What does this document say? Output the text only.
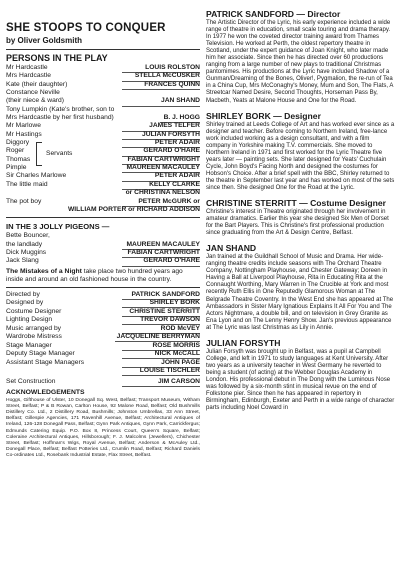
SHE STOOPS TO CONQUER
by Oliver Goldsmith
PERSONS IN THE PLAY
Mr Hardcastle	LOUIS ROLSTON
Mrs Hardcastle	STELLA McCUSKER
Kate (their daughter)	FRANCES QUINN
Constance Neville
(their niece & ward)	JAN SHAND
Tony Lumpkin (Kate's brother, son to
Mrs Hardcastle by her first husband)	B. J. HOGG
Mr Marlowe	JAMES TELFER
Mr Hastings	JULIAN FORSYTH
Diggory	PETER ADAIR
Roger	GERARD O'HARE
Thomas	FABIAN CARTWRIGHT
Pimple	MAUREEN MACAULEY
Sir Charles Marlowe	PETER ADAIR
The little maid	KELLY CLARKE
or CHRISTINA NELSON
The pot boy	PETER McGURK or
WILLIAM PORTER or RICHARD ADDISON
Servants
IN THE 3 JOLLY PIGEONS —
Bette Bouncer,
the landlady	MAUREEN MACAULEY
Dick Muggins	FABIAN CARTWRIGHT
Jack Slang	GERARD O'HARE
The Mistakes of a Night take place two hundred years ago inside and around an old fashioned house in the country.
Directed by	PATRICK SANDFORD
Designed by	SHIRLEY BORK
Costume Designer	CHRISTINE STERRITT
Lighting Design	TREVOR DAWSON
Music arranged by	ROD McVEY
Wardrobe Mistress	JACQUELINE BERRYMAN
Stage Manager	ROSE MORRIS
Deputy Stage Manager	NICK McCALL
Assistant Stage Managers	JOHN PAGE
LOUISE TISCHLER
Set Construction	JIM CARSON
ACKNOWLEDGEMENTS
Hoggs, Gifthouse of Ulster, 10 Donegall Sq. West, Belfast; Transport Museum, Witham Street, Belfast; P & B Rowan, Carlton House, 92 Malone Road, Belfast; Old Bushmills Distillery Co. Ltd., 2 Distillery Road, Bushmills; Johnston Umbrellas, 33 Ann Street, Belfast; Gillespie Agencies, 171 Ravenhill Avenue, Belfast; Architectural Antiques of Ireland, 126-128 Donegall Pass, Belfast; Gynn Park Antiques, Gynn Park, Carrickfergus; Edmunds Catering Equip. P.O. Box 8, Princess Court, Queen's Square, Belfast; Coleraine Architectural Antiques, Hillsborough; F. J. Malcolms (Jewellers), Chichester Street, Belfast; Hoffman's Wigs, Royal Avenue, Belfast; Anderson & McAuley Ltd., Donegall Place, Belfast; Belfast Potteries Ltd., Crumlin Road, Belfast; Richard Daniels Co-ordinates Ltd., Rosebank Industrial Estate, Flax Street, Belfast.
PATRICK SANDFORD — Director

The Artistic Director of the Lyric, his early experience included a wide range of theatre in education, small scale touring and drama therapy. In 1977 he won the coveted director training award from Thames Television. He worked at Perth, the oldest repertory theatre in Scotland, under the expert guidance of Joan Knight, who later made him her associate. Since then he has directed over 60 productions ranging from a large number of new plays to traditional Christmas pantomimes. His productions at the Lyric have included Shadow of a Gunman/Dreaming of the Bones, Oliver!, Pygmalion, the re-run of Tea in a China Cup, Mrs McConaghy's Money, Mum and Son, The Flats, A Streetcar Named Desire, Second Thoughts, Horseman Pass By, Macbeth, Yeats at Malone House and One for the Road.

SHIRLEY BORK — Designer

Shirley trained at Leeds College of Art and has worked ever since as a designer and teacher. Before coming to Northern Ireland, free-lance work included working as a design consultant, and with a film company in Yorkshire making T.V. commercials. She moved to Northern Ireland in 1971 and first worked for the Lyric Theatre five years later — painting sets. She later designed for Yeats' Cuchulain Cycle, John Boyd's Facing North and designed the costumes for Hobson's Choice. After a brief spell with the BBC, Shirley returned to the theatre in September last year and has worked on most of the sets since then. She designed One for the Road at the Lyric.

CHRISTINE STERRITT — Costume Designer

Christine's interest in Theatre originated through her involvement in amateur dramatics. Earlier this year she designed Six Men of Dorset for the Bart Players. This is Christine's first professional production since graduating from the Art & Design Centre, Belfast.

JAN SHAND

Jan trained at the Guildhall School of Music and Drama. Her wide-ranging theatre credits include seasons with The Orchard Theatre Company, Nottingham Playhouse, and Chester Gateway; Doreen in Having a Ball at Liverpool Playhouse, Rita in Educating Rita at the Connaught Worthing, Mary Warren in The Crucible at York and most recently Ruth Ellis in One Reputedly Glamorous Woman at The Belgrade Theatre Coventry. In the West End she has appeared at The Ambassadors in Sister Mary Ignatious Explains It All For You and The Actors Nightmare, a double bill, and on television in Grey Granite as Ena Lyon and on The Lenny Henry Show. Jan's previous appearance at The Lyric was last Christmas as Lily in Annie.

JULIAN FORSYTH

Julian Forsyth was brought up in Belfast, was a pupil at Campbell College, and left in 1971 to study languages at Kent University. After two years as a university teacher in West Germany he reverted to being a student (of acting) at the Webber Douglas Academy in London. His professional debut in The Dong with the Luminous Nose was followed by a six-month stint in musical revue on the end of Folkstone pier. Since then he has appeared in repertory in Birmingham, Edinburgh, Exeter and Perth in a wide range of character parts including Noel Coward in
